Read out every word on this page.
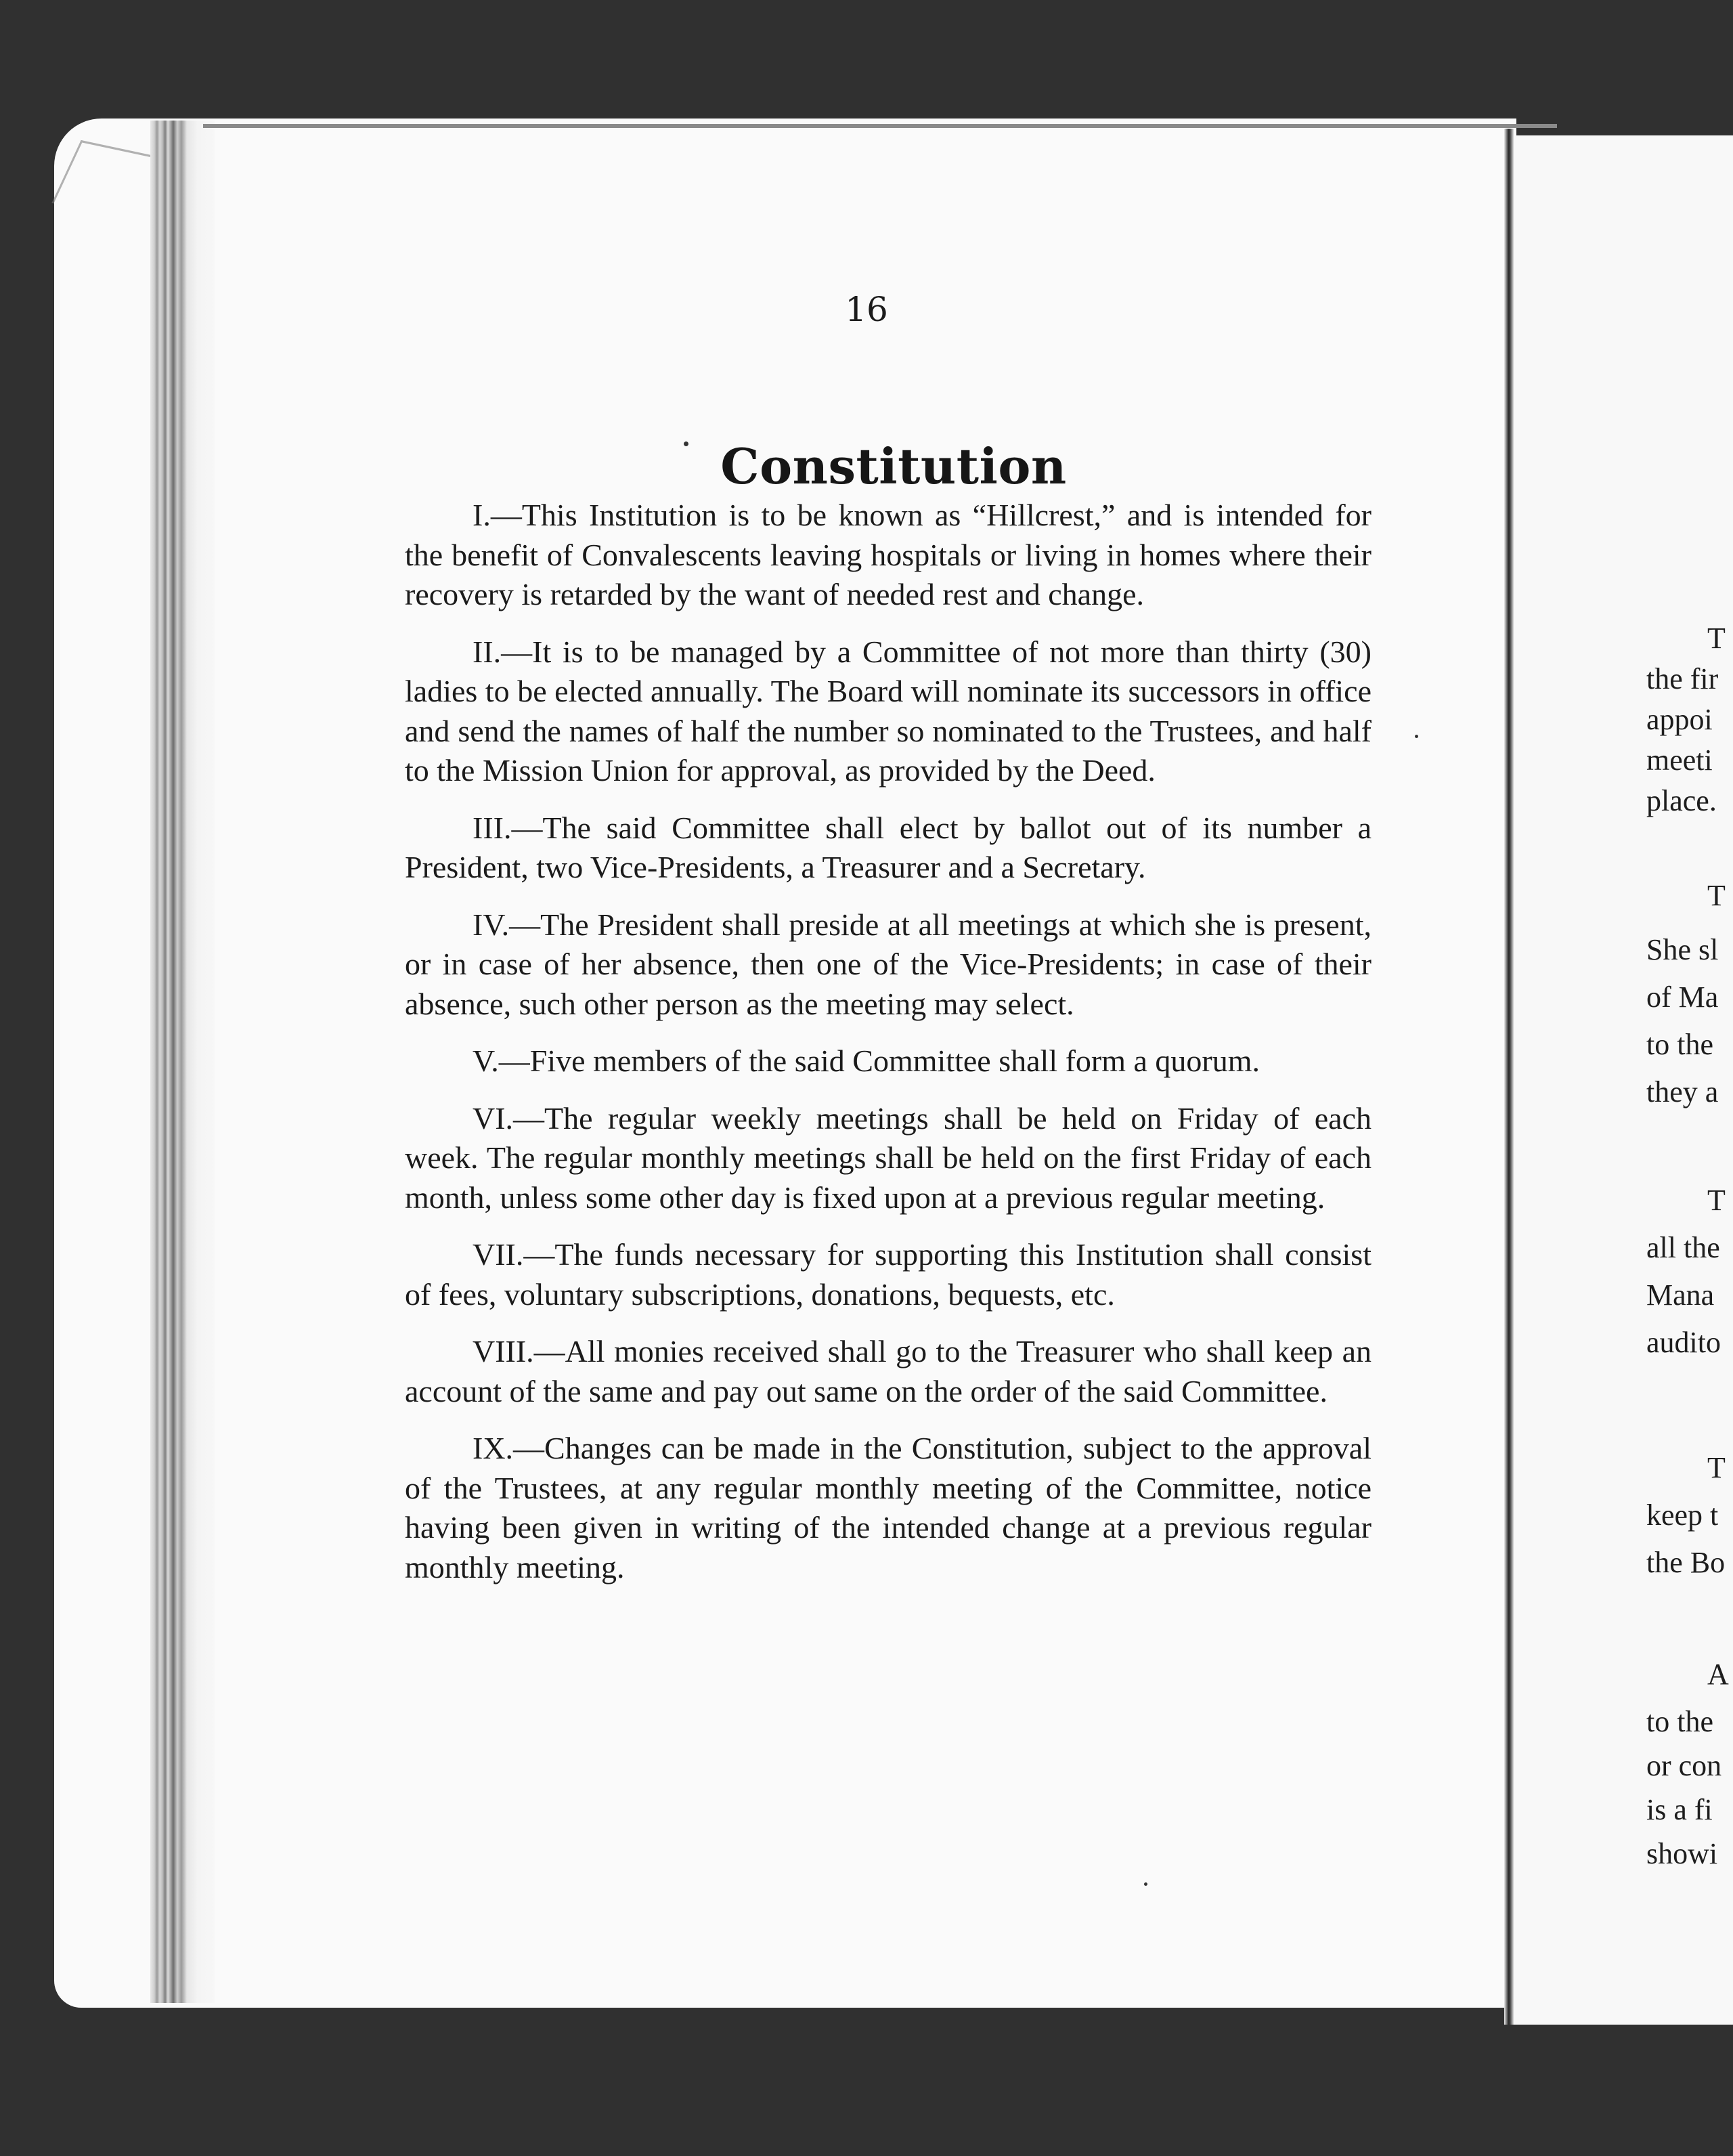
T
the fir
appoi
meeti
place.
T
She sl
of Ma
to the
they a
T
all the
Mana
audito
T
keep t
the Bo
A
to the
or con
is a fi
showi
16
Constitution

I.—This Institution is to be known as “Hillcrest,” and is intended for the benefit of Convalescents leaving hospitals or living in homes where their recovery is retarded by the want of needed rest and change.

II.—It is to be managed by a Committee of not more than thirty (30) ladies to be elected annually. The Board will nominate its successors in office and send the names of half the number so nominated to the Trustees, and half to the Mission Union for approval, as provided by the Deed.

III.—The said Committee shall elect by ballot out of its number a President, two Vice-Presidents, a Treasurer and a Secretary.

IV.—The President shall preside at all meetings at which she is present, or in case of her absence, then one of the Vice-Presidents; in case of their absence, such other person as the meeting may select.

V.—Five members of the said Committee shall form a quorum.

VI.—The regular weekly meetings shall be held on Friday of each week. The regular monthly meetings shall be held on the first Friday of each month, unless some other day is fixed upon at a previous regular meeting.

VII.—The funds necessary for supporting this Institution shall consist of fees, voluntary subscriptions, donations, bequests, etc.

VIII.—All monies received shall go to the Treasurer who shall keep an account of the same and pay out same on the order of the said Committee.

IX.—Changes can be made in the Constitution, subject to the approval of the Trustees, at any regular monthly meeting of the Committee, notice having been given in writing of the intended change at a previous regular monthly meeting.
